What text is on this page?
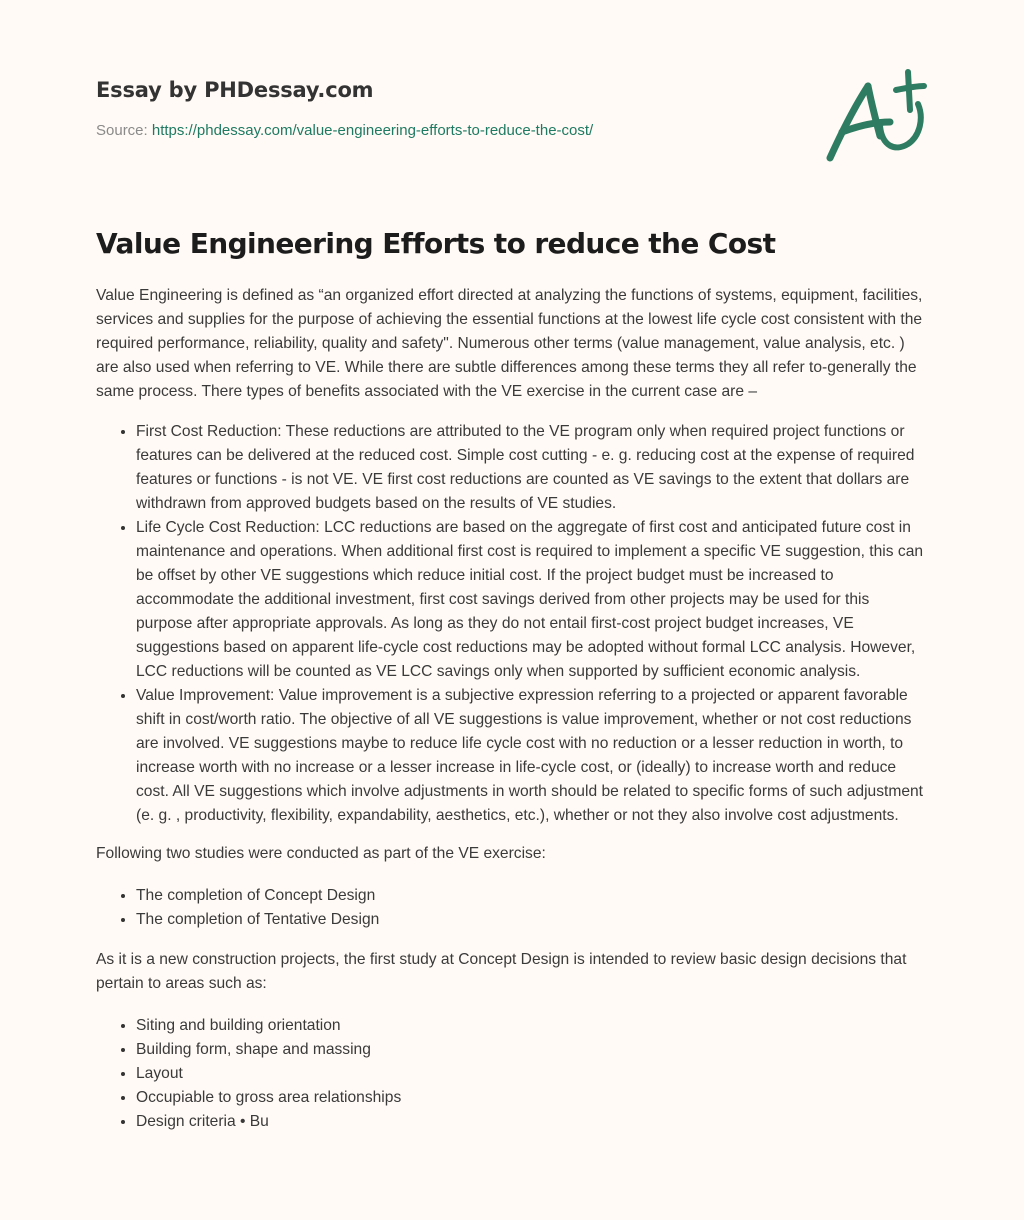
Essay by PHDessay.com
Source: https://phdessay.com/value-engineering-efforts-to-reduce-the-cost/
Value Engineering Efforts to reduce the Cost

Value Engineering is defined as “an organized effort directed at analyzing the functions of systems, equipment, facilities, services and supplies for the purpose of achieving the essential functions at the lowest life cycle cost consistent with the required performance, reliability, quality and safety". Numerous other terms (value management, value analysis, etc. ) are also used when referring to VE. While there are subtle differences among these terms they all refer to-generally the same process. There types of benefits associated with the VE exercise in the current case are –

• First Cost Reduction: These reductions are attributed to the VE program only when required project functions or features can be delivered at the reduced cost. Simple cost cutting - e. g. reducing cost at the expense of required features or functions - is not VE. VE first cost reductions are counted as VE savings to the extent that dollars are withdrawn from approved budgets based on the results of VE studies.
• Life Cycle Cost Reduction: LCC reductions are based on the aggregate of first cost and anticipated future cost in maintenance and operations. When additional first cost is required to implement a specific VE suggestion, this can be offset by other VE suggestions which reduce initial cost. If the project budget must be increased to accommodate the additional investment, first cost savings derived from other projects may be used for this purpose after appropriate approvals. As long as they do not entail first-cost project budget increases, VE suggestions based on apparent life-cycle cost reductions may be adopted without formal LCC analysis. However, LCC reductions will be counted as VE LCC savings only when supported by sufficient economic analysis.
• Value Improvement: Value improvement is a subjective expression referring to a projected or apparent favorable shift in cost/worth ratio. The objective of all VE suggestions is value improvement, whether or not cost reductions are involved. VE suggestions maybe to reduce life cycle cost with no reduction or a lesser reduction in worth, to increase worth with no increase or a lesser increase in life-cycle cost, or (ideally) to increase worth and reduce cost. All VE suggestions which involve adjustments in worth should be related to specific forms of such adjustment (e. g. , productivity, flexibility, expandability, aesthetics, etc.), whether or not they also involve cost adjustments.

Following two studies were conducted as part of the VE exercise:

• The completion of Concept Design
• The completion of Tentative Design

As it is a new construction projects, the first study at Concept Design is intended to review basic design decisions that pertain to areas such as:

• Siting and building orientation
• Building form, shape and massing
• Layout
• Occupiable to gross area relationships
• Design criteria • Bu
